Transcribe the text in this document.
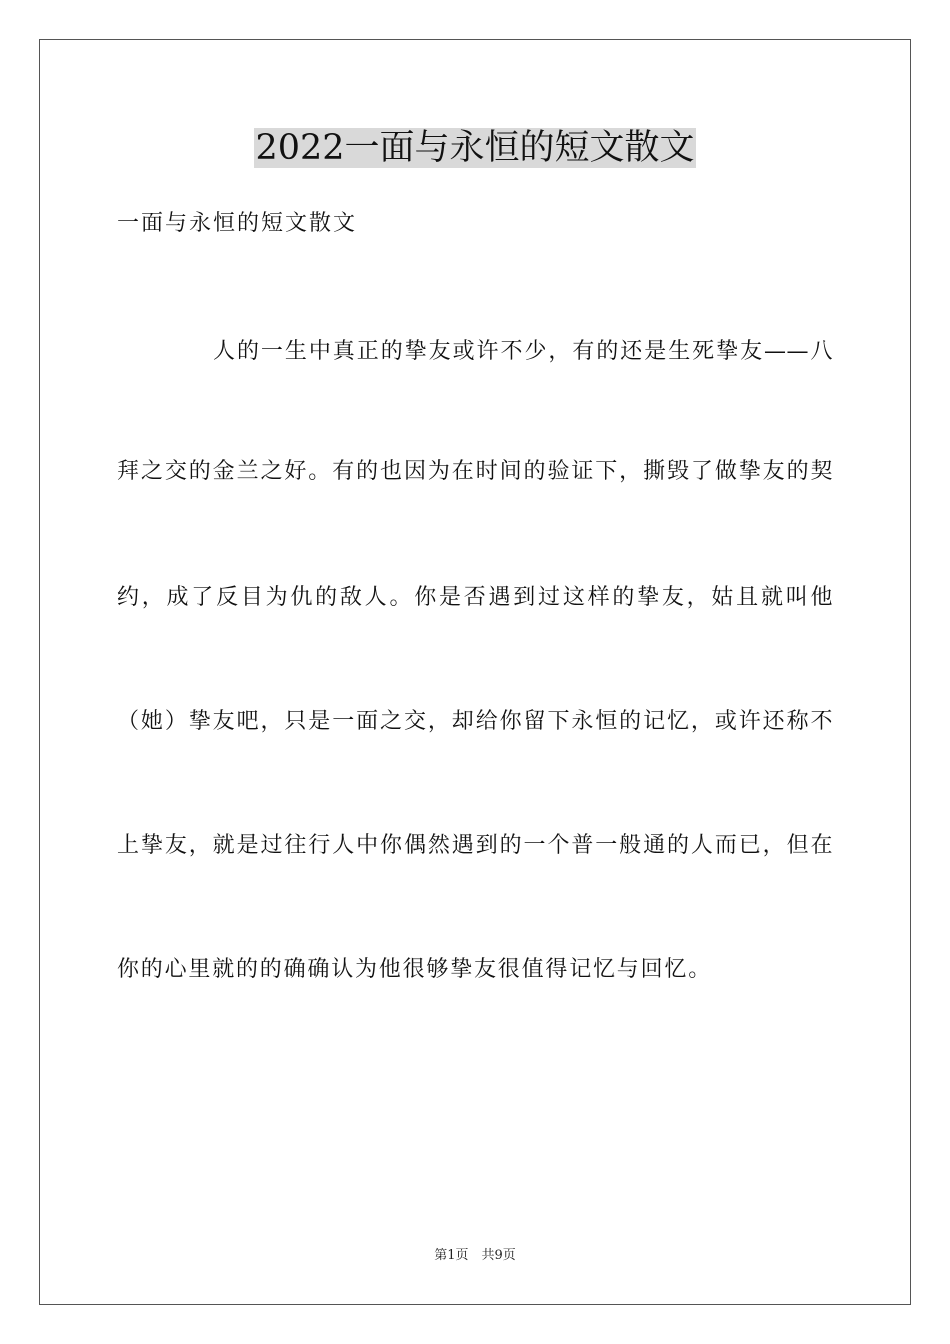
2022一面与永恒的短文散文
一面与永恒的短文散文
人的一生中真正的挚友或许不少，有的还是生死挚友——八
拜之交的金兰之好。有的也因为在时间的验证下，撕毁了做挚友的契
约，成了反目为仇的敌人。你是否遇到过这样的挚友，姑且就叫他
（她）挚友吧，只是一面之交，却给你留下永恒的记忆，或许还称不
上挚友，就是过往行人中你偶然遇到的一个普一般通的人而已，但在
你的心里就的的确确认为他很够挚友很值得记忆与回忆。
第1页　共9页
